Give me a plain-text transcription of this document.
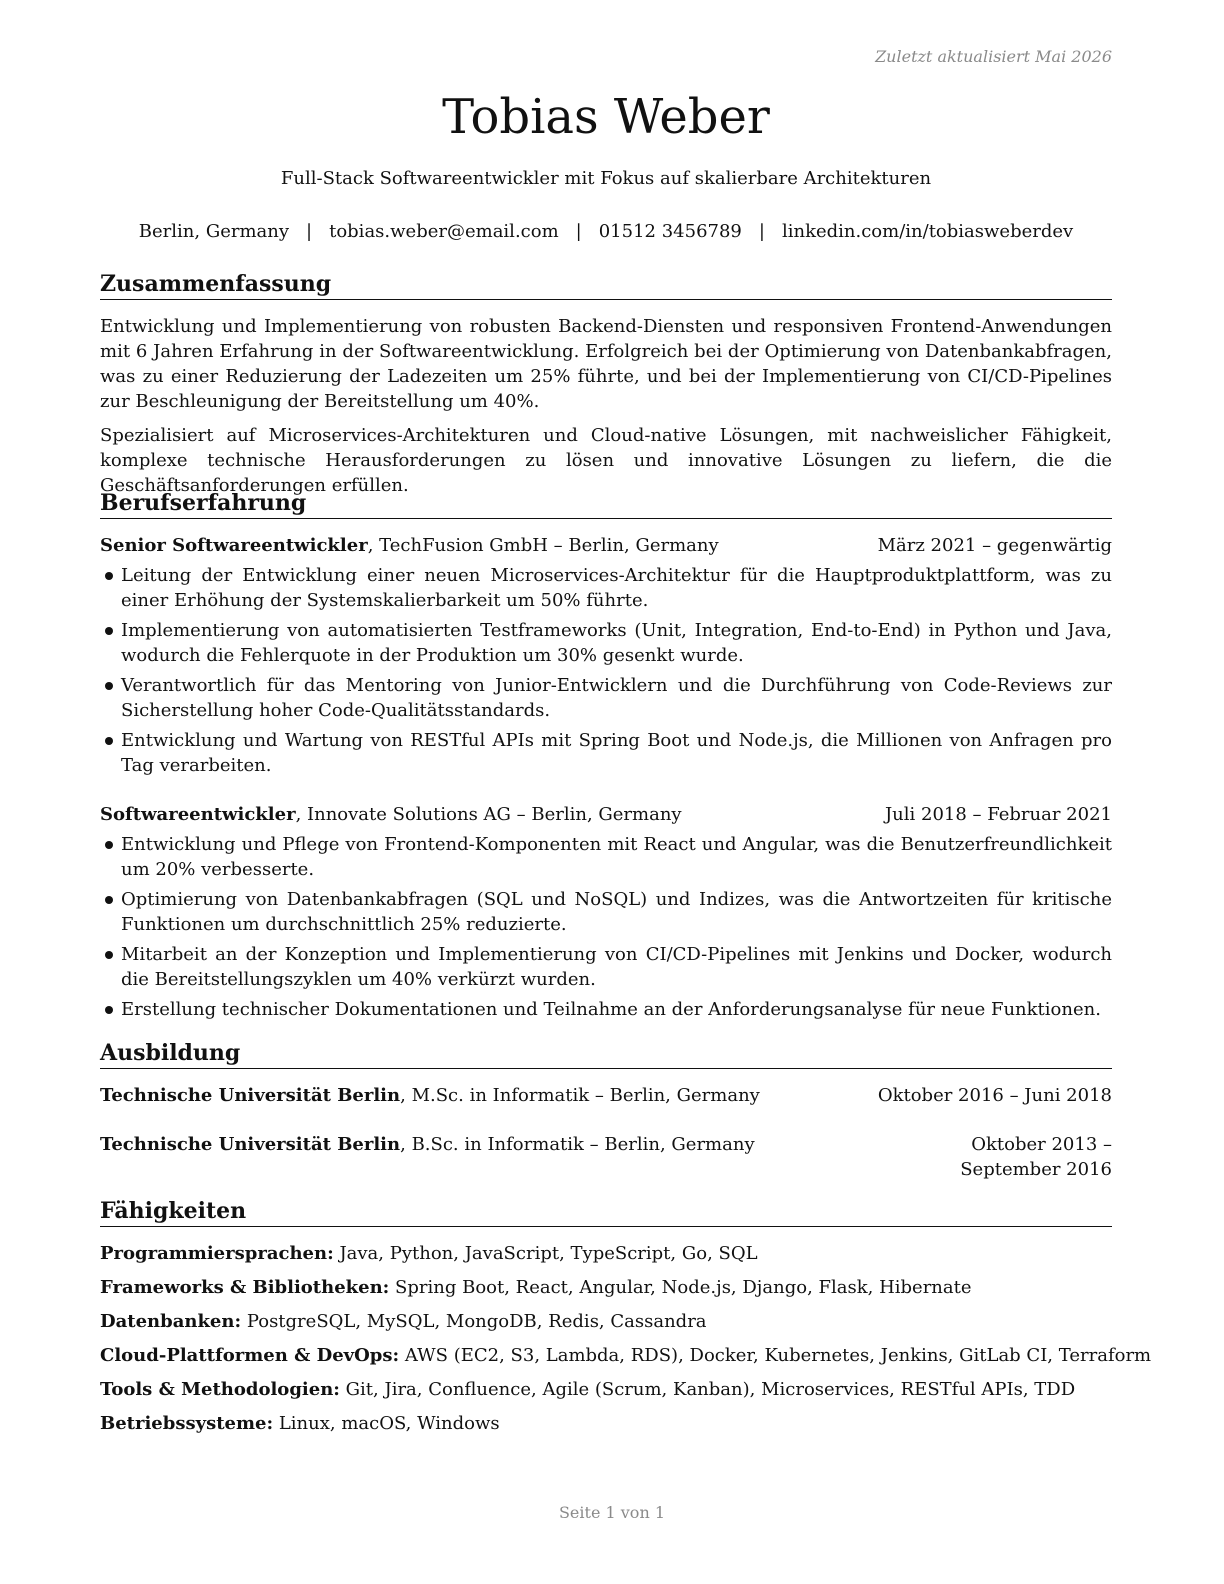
Zuletzt aktualisiert Mai 2026
Tobias Weber
Full-Stack Softwareentwickler mit Fokus auf skalierbare Architekturen
Berlin, Germany | tobias.weber@email.com | 01512 3456789 | linkedin.com/in/tobiasweberdev
Zusammenfassung

Entwicklung und Implementierung von robusten Backend-Diensten und responsiven Frontend-Anwendungen mit 6 Jahren Erfahrung in der Softwareentwicklung. Erfolgreich bei der Optimierung von Datenbankabfragen, was zu einer Reduzierung der Ladezeiten um 25% führte, und bei der Implementierung von CI/CD-Pipelines zur Beschleunigung der Bereitstellung um 40%.

Spezialisiert auf Microservices-Architekturen und Cloud-native Lösungen, mit nachweislicher Fähigkeit, komplexe technische Herausforderungen zu lösen und innovative Lösungen zu liefern, die die Geschäftsanforderungen erfüllen.

Berufserfahrung
Senior Softwareentwickler, TechFusion GmbH – Berlin, Germany	März 2021 – gegenwärtig
Leitung der Entwicklung einer neuen Microservices-Architektur für die Hauptproduktplattform, was zu einer Erhöhung der Systemskalierbarkeit um 50% führte.
Implementierung von automatisierten Testframeworks (Unit, Integration, End-to-End) in Python und Java, wodurch die Fehlerquote in der Produktion um 30% gesenkt wurde.
Verantwortlich für das Mentoring von Junior-Entwicklern und die Durchführung von Code-Reviews zur Sicherstellung hoher Code-Qualitätsstandards.
Entwicklung und Wartung von RESTful APIs mit Spring Boot und Node.js, die Millionen von Anfragen pro Tag verarbeiten.
Softwareentwickler, Innovate Solutions AG – Berlin, Germany	Juli 2018 – Februar 2021
Entwicklung und Pflege von Frontend-Komponenten mit React und Angular, was die Benutzerfreundlichkeit um 20% verbesserte.
Optimierung von Datenbankabfragen (SQL und NoSQL) und Indizes, was die Antwortzeiten für kritische Funktionen um durchschnittlich 25% reduzierte.
Mitarbeit an der Konzeption und Implementierung von CI/CD-Pipelines mit Jenkins und Docker, wodurch die Bereitstellungszyklen um 40% verkürzt wurden.
Erstellung technischer Dokumentationen und Teilnahme an der Anforderungsanalyse für neue Funktionen.
Ausbildung
Technische Universität Berlin, M.Sc. in Informatik – Berlin, Germany	Oktober 2016 – Juni 2018
Technische Universität Berlin, B.Sc. in Informatik – Berlin, Germany	Oktober 2013 – September 2016
Fähigkeiten

Programmiersprachen: Java, Python, JavaScript, TypeScript, Go, SQL

Frameworks & Bibliotheken: Spring Boot, React, Angular, Node.js, Django, Flask, Hibernate

Datenbanken: PostgreSQL, MySQL, MongoDB, Redis, Cassandra

Cloud-Plattformen & DevOps: AWS (EC2, S3, Lambda, RDS), Docker, Kubernetes, Jenkins, GitLab CI, Terraform

Tools & Methodologien: Git, Jira, Confluence, Agile (Scrum, Kanban), Microservices, RESTful APIs, TDD

Betriebssysteme: Linux, macOS, Windows

Seite 1 von 1
